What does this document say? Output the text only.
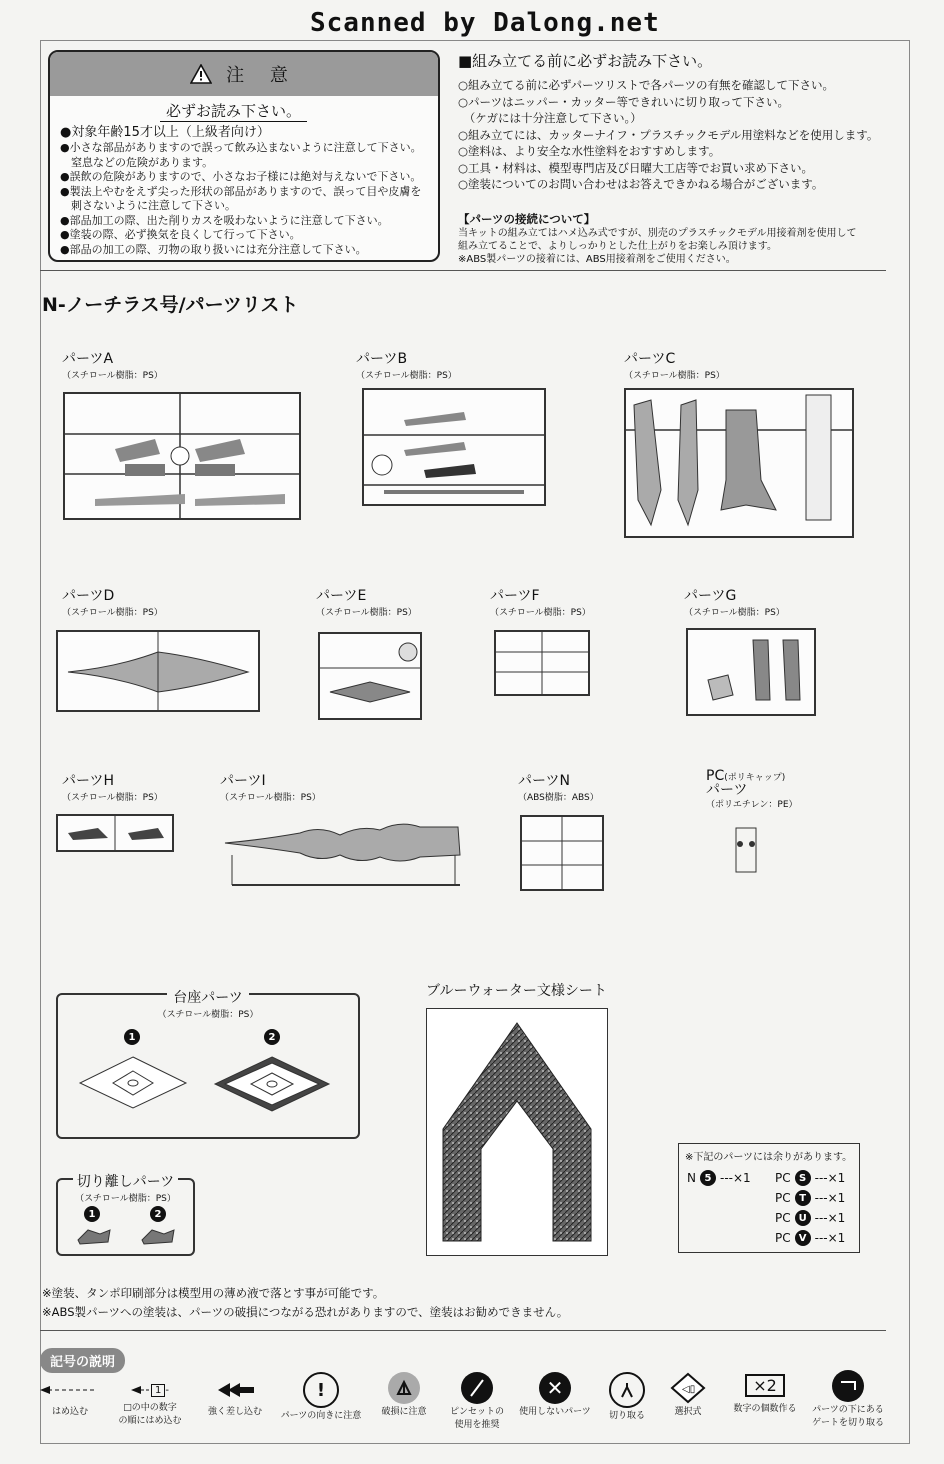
Scanned by Dalong.net
注 意
必ずお読み下さい。
●対象年齢15才以上（上級者向け）
●小さな部品がありますので誤って飲み込まないように注意して下さい。
　窒息などの危険があります。
●誤飲の危険がありますので、小さなお子様には絶対与えないで下さい。
●製法上やむをえず尖った形状の部品がありますので、誤って目や皮膚を
　刺さないように注意して下さい。
●部品加工の際、出た削りカスを吸わないように注意して下さい。
●塗装の際、必ず換気を良くして行って下さい。
●部品の加工の際、刃物の取り扱いには充分注意して下さい。
■組み立てる前に必ずお読み下さい。
○組み立てる前に必ずパーツリストで各パーツの有無を確認して下さい。
○パーツはニッパー・カッター等できれいに切り取って下さい。
　（ケガには十分注意して下さい。）
○組み立てには、カッターナイフ・プラスチックモデル用塗料などを使用します。
○塗料は、より安全な水性塗料をおすすめします。
○工具・材料は、模型専門店及び日曜大工店等でお買い求め下さい。
○塗装についてのお問い合わせはお答えできかねる場合がございます。
【パーツの接続について】
当キットの組み立てはハメ込み式ですが、別売のプラスチックモデル用接着剤を使用して
組み立てることで、よりしっかりとした仕上がりをお楽しみ頂けます。
※ABS製パーツの接着には、ABS用接着剤をご使用ください。
N-ノーチラス号/パーツリスト
パーツA
（スチロール樹脂：PS）
パーツB
（スチロール樹脂：PS）
パーツC
（スチロール樹脂：PS）
パーツD
（スチロール樹脂：PS）
パーツE
（スチロール樹脂：PS）
パーツF
（スチロール樹脂：PS）
パーツG
（スチロール樹脂：PS）
パーツH
（スチロール樹脂：PS）
パーツI
（スチロール樹脂：PS）
パーツN
（ABS樹脂：ABS）
PC(ポリキャップ)
パーツ
（ポリエチレン：PE）
台座パーツ
（スチロール樹脂：PS）
1	2
ブルーウォーター文様シート
切り離しパーツ
（スチロール樹脂：PS）
1	2
※下記のパーツには余りがあります。
N 5 ---×1 PC S ---×1
PC T ---×1
PC U ---×1
PC V ---×1
※塗装、タンポ印刷部分は模型用の薄め液で落とす事が可能です。
※ABS製パーツへの塗装は、パーツの破損につながる恐れがありますので、塗装はお勧めできません。
記号の説明
はめ込む
1 -
□の中の数字
の順にはめ込む
強く差し込む
!
パーツの向きに注意	破損に注意	ピンセットの
使用を推奨
✕
使用しないパーツ	切り取る
◁▯
選択式
×2
数字の個数作る	パーツの下にある
ゲートを切り取る
